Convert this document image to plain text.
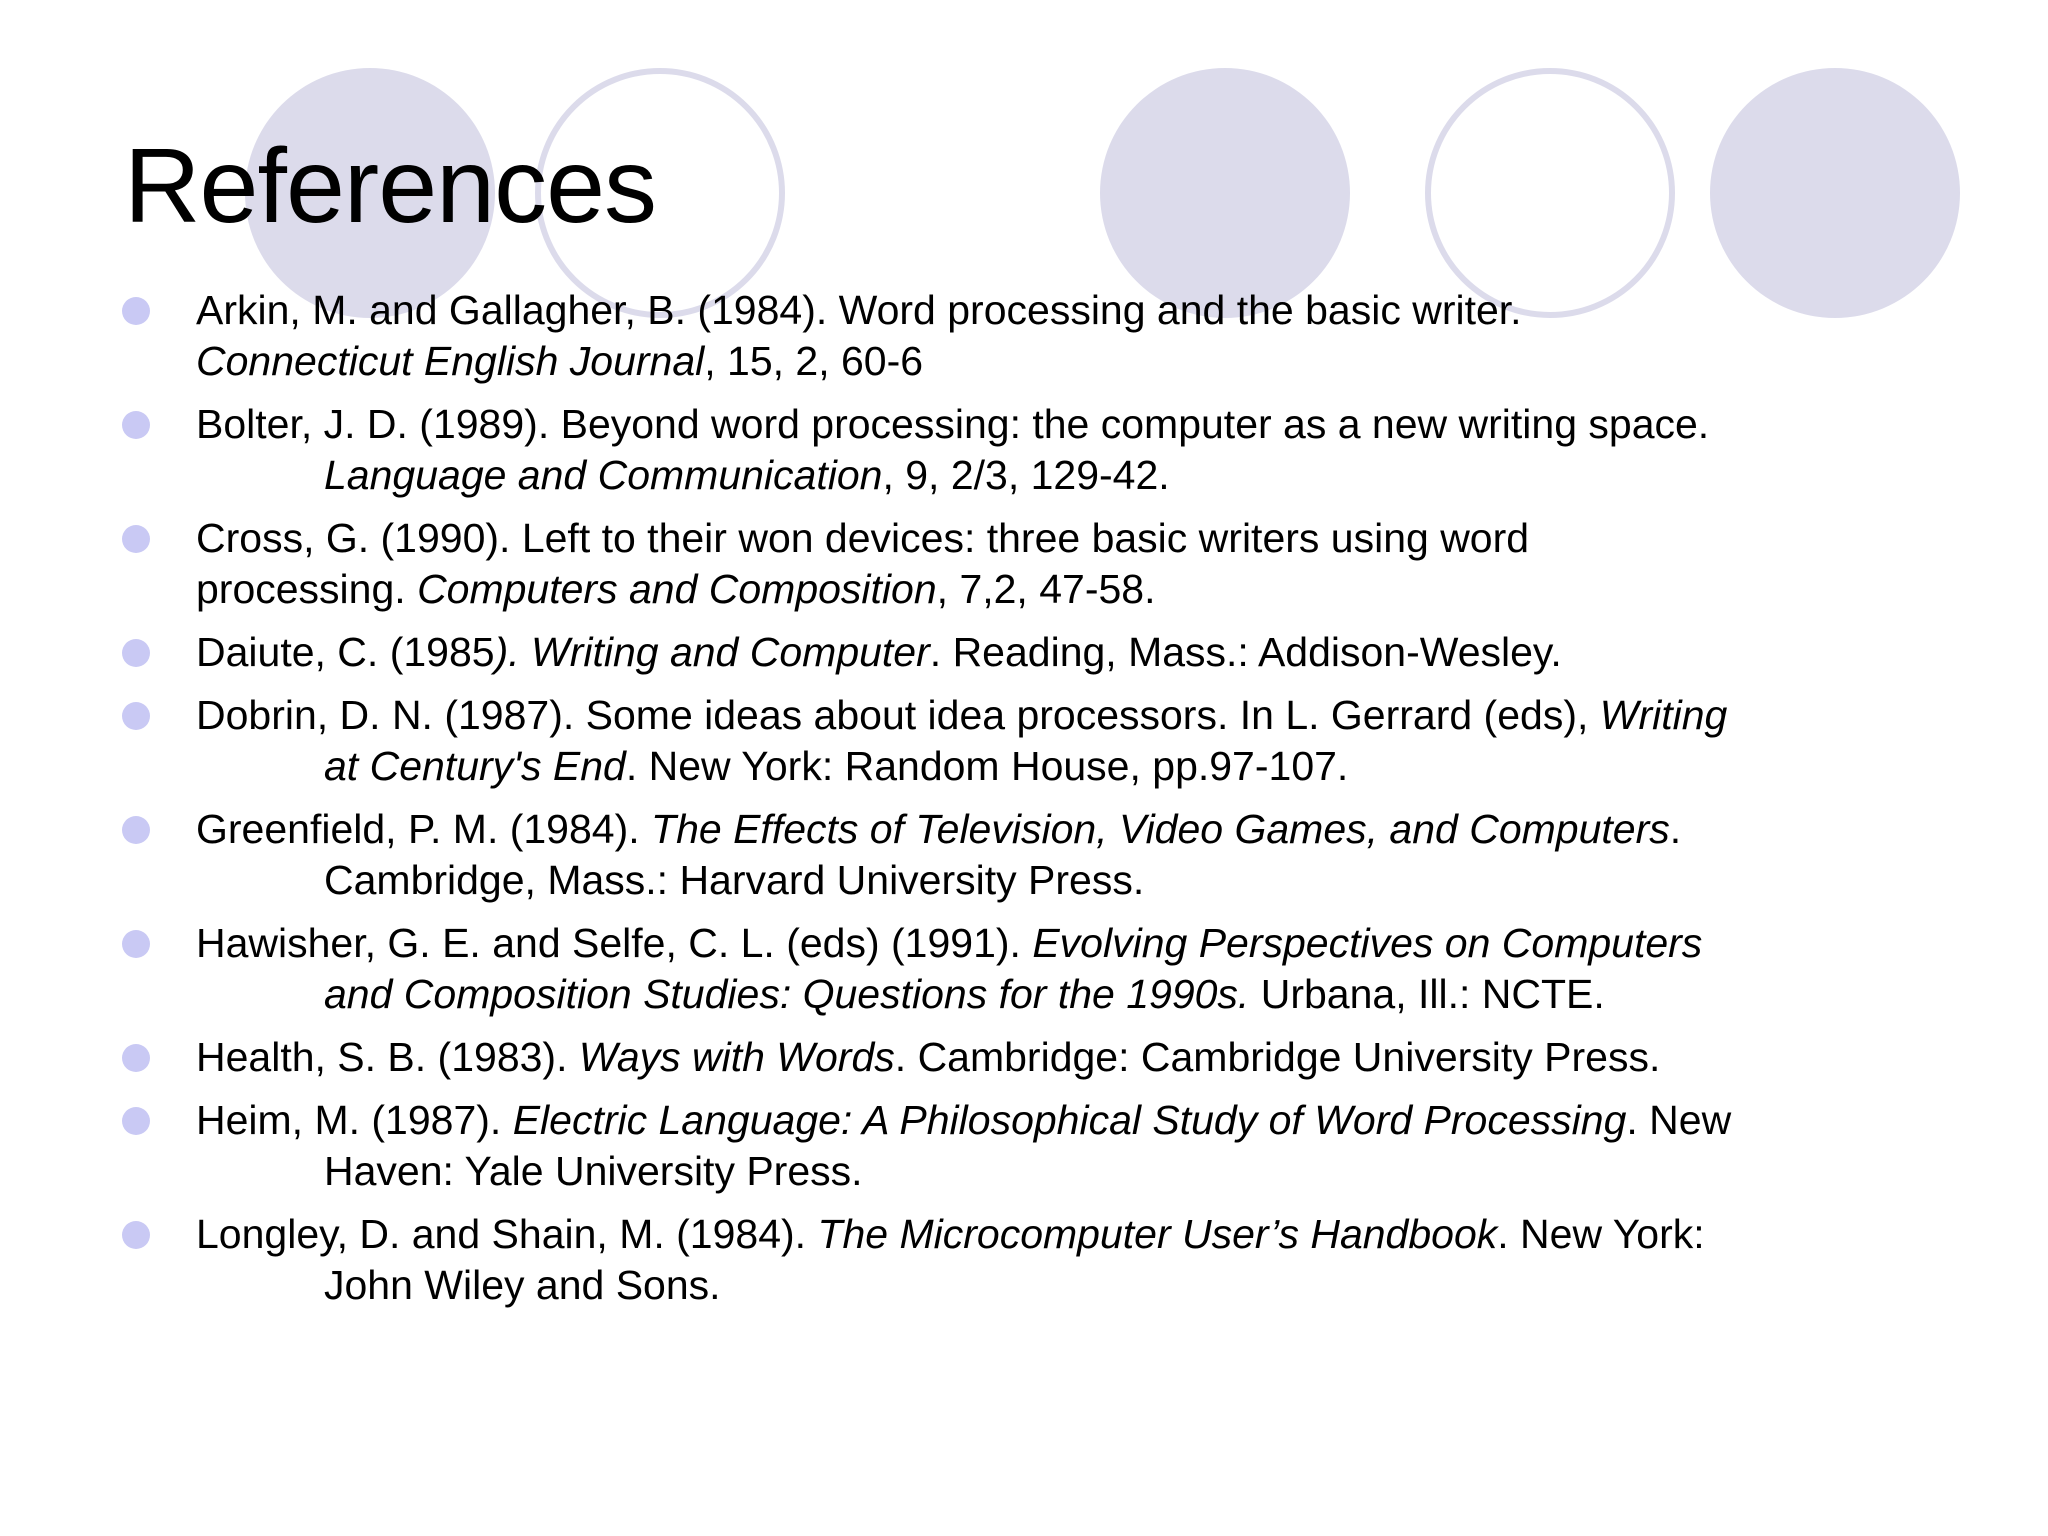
References
Arkin, M. and Gallagher, B. (1984). Word processing and the basic writer.
Connecticut English Journal, 15, 2, 60-6
Bolter, J. D. (1989). Beyond word processing: the computer as a new writing space.
Language and Communication, 9, 2/3, 129-42.
Cross, G. (1990). Left to their won devices: three basic writers using word
processing. Computers and Composition, 7,2, 47-58.
Daiute, C. (1985). Writing and Computer. Reading, Mass.: Addison-Wesley.
Dobrin, D. N. (1987). Some ideas about idea processors. In L. Gerrard (eds), Writing
at Century's End. New York: Random House, pp.97-107.
Greenfield, P. M. (1984). The Effects of Television, Video Games, and Computers.
Cambridge, Mass.: Harvard University Press.
Hawisher, G. E. and Selfe, C. L. (eds) (1991). Evolving Perspectives on Computers
and Composition Studies: Questions for the 1990s. Urbana, Ill.: NCTE.
Health, S. B. (1983). Ways with Words. Cambridge: Cambridge University Press.
Heim, M. (1987). Electric Language: A Philosophical Study of Word Processing. New
Haven: Yale University Press.
Longley, D. and Shain, M. (1984). The Microcomputer User’s Handbook. New York:
John Wiley and Sons.
